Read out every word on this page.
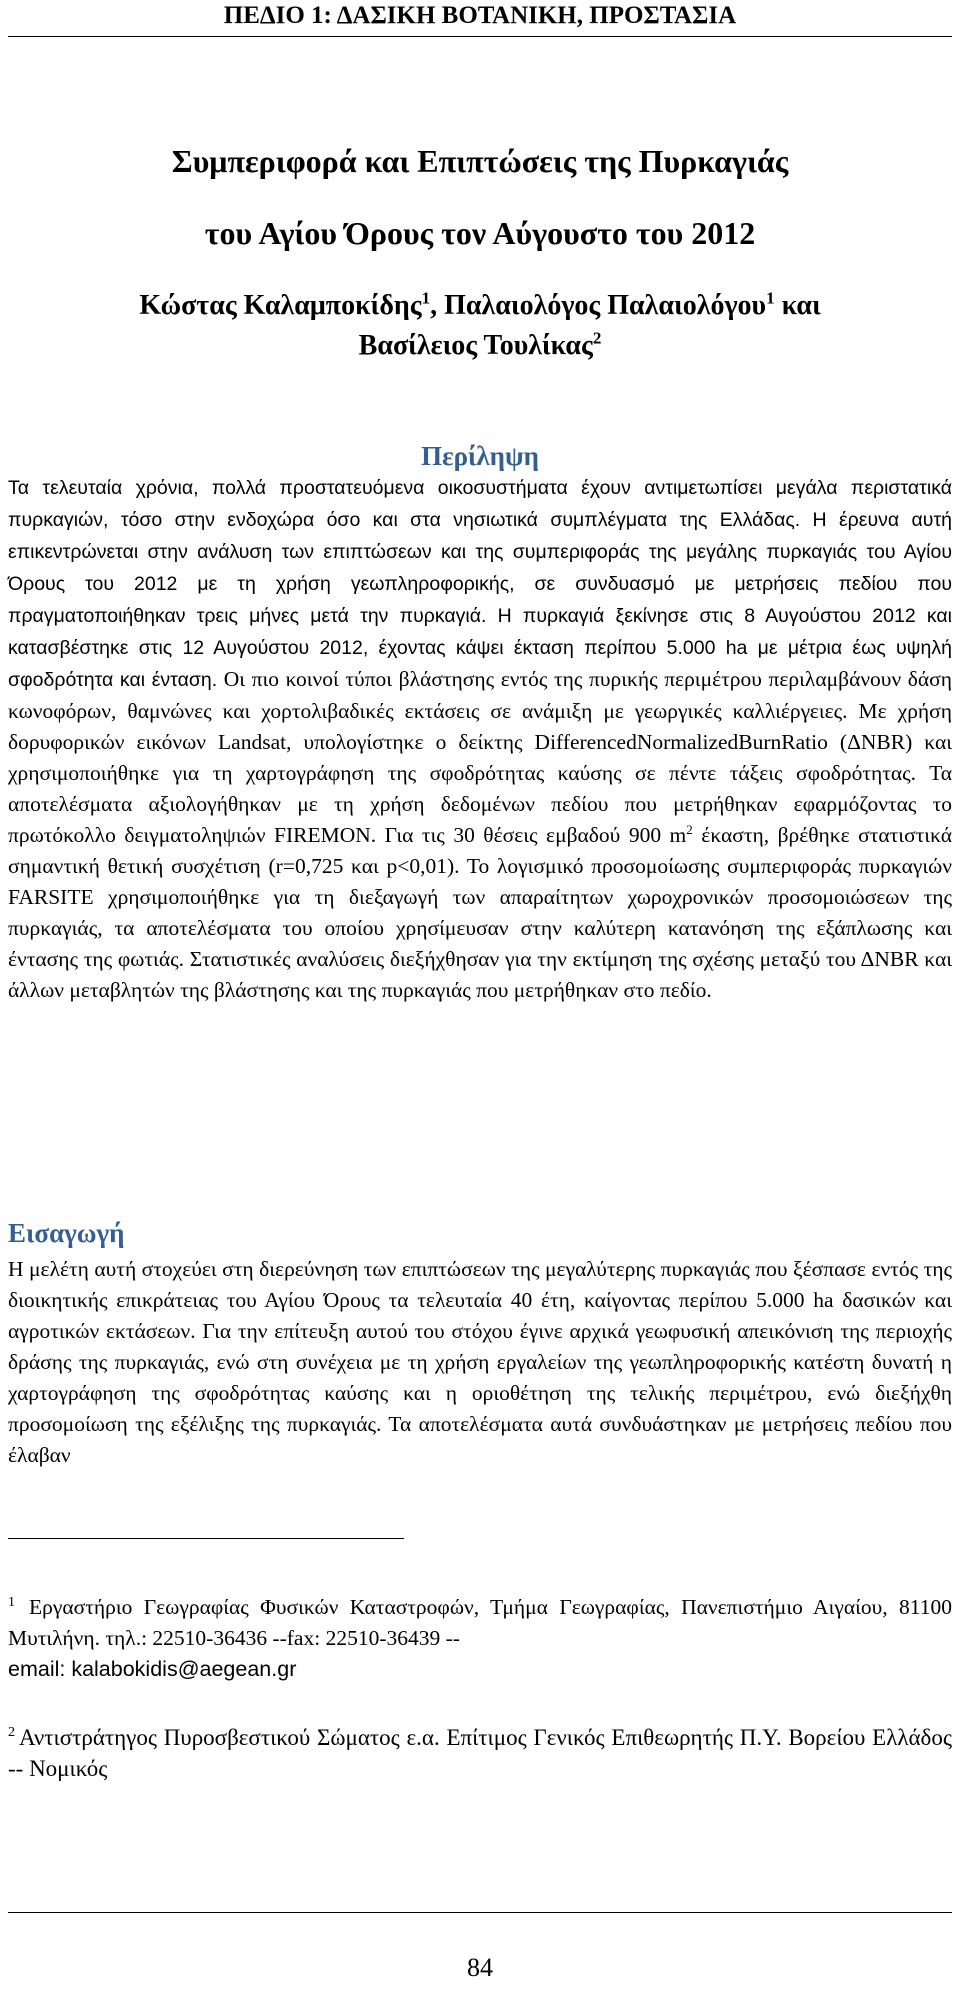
ΠΕΔΙΟ 1: ΔΑΣΙΚΗ ΒΟΤΑΝΙΚΗ, ΠΡΟΣΤΑΣΙΑ
Συμπεριφορά και Επιπτώσεις της Πυρκαγιάς
του Αγίου Όρους τον Αύγουστο του 2012
Κώστας Καλαμποκίδης$^1$, Παλαιολόγος Παλαιολόγου$^1$ και
Βασίλειος Τουλίκας$^2$
Περίληψη
Τα τελευταία χρόνια, πολλά προστατευόμενα οικοσυστήματα έχουν αντιμετωπίσει μεγάλα περιστατικά πυρκαγιών, τόσο στην ενδοχώρα όσο και στα νησιωτικά συμπλέγματα της Ελλάδας. Η έρευνα αυτή επικεντρώνεται στην ανάλυση των επιπτώσεων και της συμπεριφοράς της μεγάλης πυρκαγιάς του Αγίου Όρους του 2012 με τη χρήση γεωπληροφορικής, σε συνδυασμό με μετρήσεις πεδίου που πραγματοποιήθηκαν τρεις μήνες μετά την πυρκαγιά. Η πυρκαγιά ξεκίνησε στις 8 Αυγούστου 2012 και κατασβέστηκε στις 12 Αυγούστου 2012, έχοντας κάψει έκταση περίπου 5.000 ha με μέτρια έως υψηλή σφοδρότητα και ένταση. Οι πιο κοινοί τύποι βλάστησης εντός της πυρικής περιμέτρου περιλαμβάνουν δάση κωνοφόρων, θαμνώνες και χορτολιβαδικές εκτάσεις σε ανάμιξη με γεωργικές καλλιέργειες. Με χρήση δορυφορικών εικόνων Landsat, υπολογίστηκε ο δείκτης DifferencedNormalizedBurnRatio (ΔNBR) και χρησιμοποιήθηκε για τη χαρτογράφηση της σφοδρότητας καύσης σε πέντε τάξεις σφοδρότητας. Τα αποτελέσματα αξιολογήθηκαν με τη χρήση δεδομένων πεδίου που μετρήθηκαν εφαρμόζοντας το πρωτόκολλο δειγματοληψιών FIREMON. Για τις 30 θέσεις εμβαδού 900 $m^2$ έκαστη, βρέθηκε στατιστικά σημαντική θετική συσχέτιση (r=0,725 και p<0,01). Το λογισμικό προσομοίωσης συμπεριφοράς πυρκαγιών FARSITE χρησιμοποιήθηκε για τη διεξαγωγή των απαραίτητων χωροχρονικών προσομοιώσεων της πυρκαγιάς, τα αποτελέσματα του οποίου χρησίμευσαν στην καλύτερη κατανόηση της εξάπλωσης και έντασης της φωτιάς. Στατιστικές αναλύσεις διεξήχθησαν για την εκτίμηση της σχέσης μεταξύ του ΔNBR και άλλων μεταβλητών της βλάστησης και της πυρκαγιάς που μετρήθηκαν στο πεδίο.
Εισαγωγή
Η μελέτη αυτή στοχεύει στη διερεύνηση των επιπτώσεων της μεγαλύτερης πυρκαγιάς που ξέσπασε εντός της διοικητικής επικράτειας του Αγίου Όρους τα τελευταία 40 έτη, καίγοντας περίπου 5.000 ha δασικών και αγροτικών εκτάσεων. Για την επίτευξη αυτού του στόχου έγινε αρχικά γεωφυσική απεικόνιση της περιοχής δράσης της πυρκαγιάς, ενώ στη συνέχεια με τη χρήση εργαλείων της γεωπληροφορικής κατέστη δυνατή η χαρτογράφηση της σφοδρότητας καύσης και η οριοθέτηση της τελικής περιμέτρου, ενώ διεξήχθη προσομοίωση της εξέλιξης της πυρκαγιάς. Τα αποτελέσματα αυτά συνδυάστηκαν με μετρήσεις πεδίου που έλαβαν
$^1$ Εργαστήριο Γεωγραφίας Φυσικών Καταστροφών, Τμήμα Γεωγραφίας, Πανεπιστήμιο Αιγαίου, 81100 Μυτιλήνη. τηλ.: 22510-36436 --fax: 22510-36439 --
email: kalabokidis@aegean.gr
$^2$ Αντιστράτηγος Πυροσβεστικού Σώματος ε.α. Επίτιμος Γενικός Επιθεωρητής Π.Υ. Βορείου Ελλάδος -- Νομικός
84
